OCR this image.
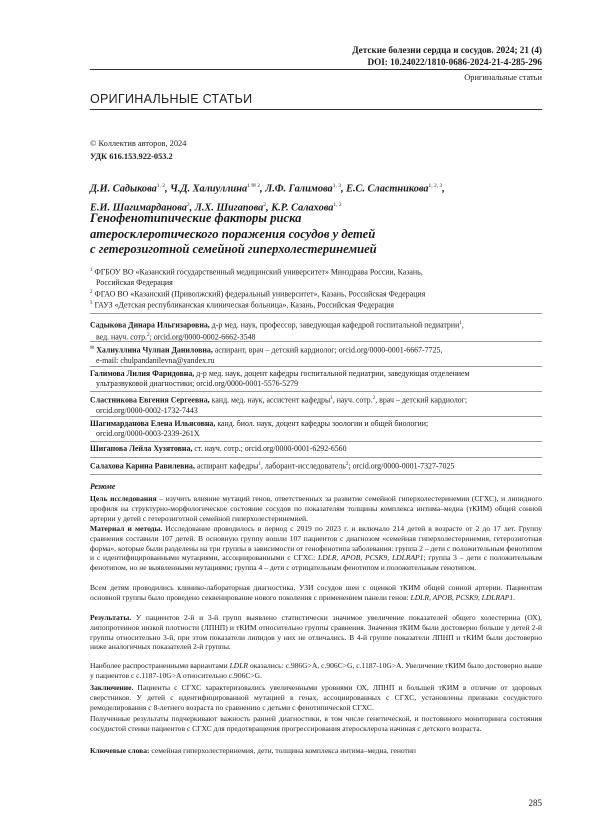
Детские болезни сердца и сосудов. 2024; 21 (4)
DOI: 10.24022/1810-0686-2024-21-4-285-296
Оригинальные статьи
ОРИГИНАЛЬНЫЕ СТАТЬИ
© Коллектив авторов, 2024
УДК 616.153.922-053.2
Д.И. Садыкова1, 2, Ч.Д. Халиуллина1 ✉ 2, Л.Ф. Галимова1, 3, Е.С. Сластникова1, 2, 3,
Е.И. Шагимарданова2, Л.Х. Шигапова2, К.Р. Салахова1, 2
Генофенотипические факторы риска
атеросклеротического поражения сосудов у детей
с гетерозиготной семейной гиперхолестеринемией
1 ФГБОУ ВО «Казанский государственный медицинский университет» Минздрава России, Казань,
Российская Федерация
2 ФГАО ВО «Казанский (Приволжский) федеральный университет», Казань, Российская Федерация
3 ГАУЗ «Детская республиканская клиническая больница», Казань, Российская Федерация
Садыкова Динара Ильгизаровна, д-р мед. наук, профессор, заведующая кафедрой госпитальной педиатрии1,
вед. науч. сотр.2; orcid.org/0000-0002-6662-3548
✉ Халиуллина Чулпан Даниловна, аспирант, врач – детский кардиолог; orcid.org/0000-0001-6667-7725,
e-mail: chulpandanilevna@yandex.ru
Галимова Лилия Фаридовна, д-р мед. наук, доцент кафедры госпитальной педиатрии, заведующая отделением
ультразвуковой диагностики; orcid.org/0000-0001-5576-5279
Сластникова Евгения Сергеевна, канд. мед. наук, ассистент кафедры1, науч. сотр.2, врач – детский кардиолог;
orcid.org/0000-0002-1732-7443
Шагимарданова Елена Ильясовна, канд. биол. наук, доцент кафедры зоологии и общей биологии;
orcid.org/0000-0003-2339-261X
Шигапова Лейла Хузятовна, ст. науч. сотр.; orcid.org/0000-0001-6292-6560
Салахова Карина Равилевна, аспирант кафедры1, лаборант-исследователь2; orcid.org/0000-0001-7327-7025
Резюме
Цель исследования – изучить влияние мутаций генов, ответственных за развитие семейной гиперхолестеринемии (СГХС), и липидного профиля на структурно-морфологическое состояние сосудов по показателям толщины комплекса интима–медиа (тКИМ) общей сонной артерии у детей с гетерозиготной семейной гиперхолестеринемией.
Материал и методы. Исследование проводилось в период с 2019 по 2023 г. и включало 214 детей в возрасте от 2 до 17 лет. Группу сравнения составили 107 детей. В основную группу вошли 107 пациентов с диагнозом «семейная гиперхолестеринемия, гетерозиготная форма», которые были разделены на три группы в зависимости от генофенотипа заболевания: группа 2 – дети с положительным фенотипом и с идентифицированными мутациями, ассоциированными с СГХС: LDLR, APOB, PCSK9, LDLRAP1; группа 3 – дети с положительным фенотипом, но не выявленными мутациями; группа 4 – дети с отрицательным фенотипом и положительным генотипом.
Всем детям проводились клинико-лабораторная диагностика, УЗИ сосудов шеи с оценкой тКИМ общей сонной артерии. Пациентам основной группы было проведено секвенирование нового поколения с применением панели генов: LDLR, APOB, PCSK9, LDLRAP1.
Результаты. У пациентов 2-й и 3-й групп выявлено статистически значимое увеличение показателей общего холестерина (ОХ), липопротеинов низкой плотности (ЛПНП) и тКИМ относительно группы сравнения. Значения тКИМ были достоверно больше у детей 2-й группы относительно 3-й, при этом показатели липидов у них не отличались. В 4-й группе показатели ЛПНП и тКИМ были достоверно ниже аналогичных показателей 2-й группы.
Наиболее распространенными вариантами LDLR оказались: c.986G>A, c.906C>G, c.1187-10G>A. Увеличение тКИМ было достоверно выше у пациентов с c.1187-10G>A относительно c.906C>G.
Заключение. Пациенты с СГХС характеризовались увеличенными уровнями ОХ, ЛПНП и большей тКИМ в отличие от здоровых сверстников. У детей с идентифицированной мутацией в генах, ассоциированных с СГХС, установлены признаки сосудистого ремоделирования с 8-летнего возраста по сравнению с детьми с фенотипической СГХС.
Полученные результаты подчеркивают важность ранней диагностики, в том числе генетической, и постоянного мониторинга состояния сосудистой стенки пациентов с СГХС для предотвращения прогрессирования атеросклероза начиная с детского возраста.
Ключевые слова: семейная гиперхолестеринемия, дети, толщина комплекса интима–медиа, генотип
285
